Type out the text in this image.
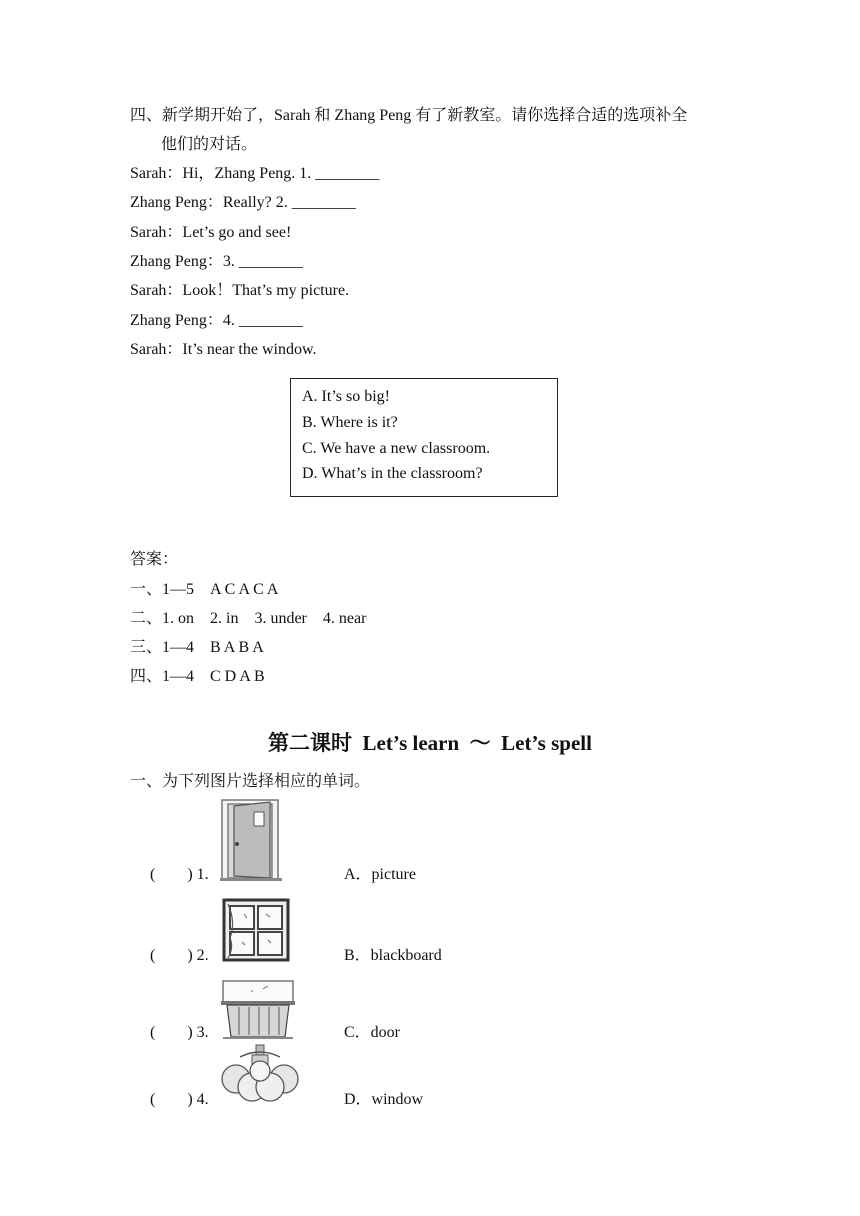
四、新学期开始了，Sarah 和 Zhang Peng 有了新教室。请你选择合适的选项补全
他们的对话。
Sarah：Hi，Zhang Peng. 1. ________
Zhang Peng：Really? 2. ________
Sarah：Let’s go and see!
Zhang Peng：3. ________
Sarah：Look！That’s my picture.
Zhang Peng：4. ________
Sarah：It’s near the window.
A. It’s so big!
B. Where is it?
C. We have a new classroom.
D. What’s in the classroom?
答案：
一、1—5　A C A C A
二、1. on　2. in　3. under　4. near
三、1—4　B A B A
四、1—4　C D A B
第二课时  Let’s learn  ～  Let’s spell
一、为下列图片选择相应的单词。
(　　) 1.
(　　) 2.
(　　) 3.
(　　) 4.
A．picture
B．blackboard
C．door
D．window
